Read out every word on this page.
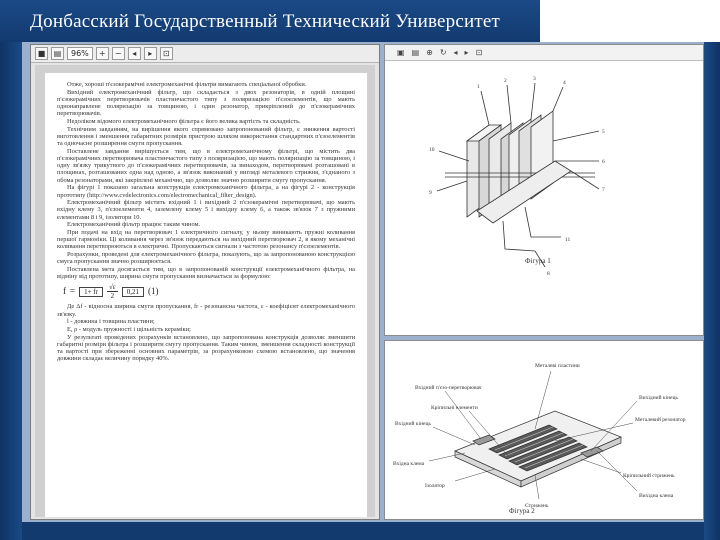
Донбасский Государственный Технический Университет
■	▤	96%	+	−	◂	▸	⊡

Отже, хороші п'єзокерамічні електромеханічні фільтри вимагають спеціальної обробки.

Вихідний електромеханічний фільтр, що складається з двох резонаторів, в одній площині п'єзокерамічних перетворювачів пластинчастого типу з поляризацією п'єзоелементів, що мають однонаправлене поляризацію за товщиною, і один резонатор, прикріплений до п'єзокерамічних перетворювачів.

Недоліком відомого електромеханічного фільтра є його велика вартість та складність.

Технічним завданням, на вирішення якого спрямовано запропонований фільтр, є зниження вартості виготовлення і зменшення габаритних розмірів пристрою шляхом використання стандартних п'єзоелементів та одночасне розширення смуги пропускання.

Поставлене завдання вирішується тим, що в електромеханічному фільтрі, що містить два п'єзокерамічних перетворювача пластинчастого типу з поляризацією, що мають поляризацію за товщиною, і одну зв'язку трикутного до п'єзокерамічних перетворювачів, за винаходом, перетворювачі розташовані в площинах, розташованих одна над одною, а зв'язок виконаний у вигляді металевого стрижня, з'єднаного з обома резонаторами, які закріплені механічно, що дозволяє значно розширити смугу пропускання.

На фігурі 1 показано загальна конструкція електромеханічного фільтра, а на фігурі 2 - конструкція прототипу (http://www.cvdelectronics.com/electromechanical_filter_design).

Електромеханічний фільтр містить вхідний 1 і вихідний 2 п'єзокерамічні перетворювачі, що мають вхідну клему 3, п'єзоелементи 4, заземлену клему 5 і вихідну клему 6, а також зв'язок 7 з пружними елементами 8 і 9, ізолятори 10.

Електромеханічний фільтр працює таким чином.

При подачі на вхід на перетворювач 1 електричного сигналу, у ньому виникають пружні коливання першої гармоніки. Ці коливання через зв'язок передаються на вихідний перетворювач 2, в якому механічні коливання перетворюються в електричні. Пропускаються сигнали з частотою резонансу п'єзоелементів.

Розрахунки, проведені для електромеханічного фільтра, показують, що за запропонованою конструкцією смуга пропускання значно розширюється.

Поставлена мета досягається тим, що в запропонованій конструкції електромеханічного фільтра, на відміну від прототипу, ширина смуги пропускання визначається за формулою:

f =	1+ fr	$\frac{√\varepsilon}{2}$	0,21	(1)

Де Δf - відносна ширина смуги пропускання, fr - резонансна частота, ε - коефіцієнт електромеханічного зв'язку.

l - довжина і товщина пластини;

E, ρ - модуль пружності і щільність кераміки;

У результаті проведених розрахунків встановлено, що запропонована конструкція дозволяє зменшити габаритні розміри фільтра і розширити смугу пропускання. Таким чином, зменшення складності конструкції та вартості при збереженні основних параметрів, за розрахунковою схемою встановлено, що значення довжини складає величину порядку 40%.

▣ ▤ ⊕ ↻ ◂ ▸ ⊡
1
2	3
4
5
6
7
8
9
10
11
Фігура 1
Вхідний п'єзо-перетворювач
Металеві пластини
Вихідний кінець
Кріпильні елементи
Вхідний кінець
Металевий резонатор
Вхідна клема
Ізолятор
Стрижень
Кріпильний стрижень
Вихідна клема
Фігура 2
